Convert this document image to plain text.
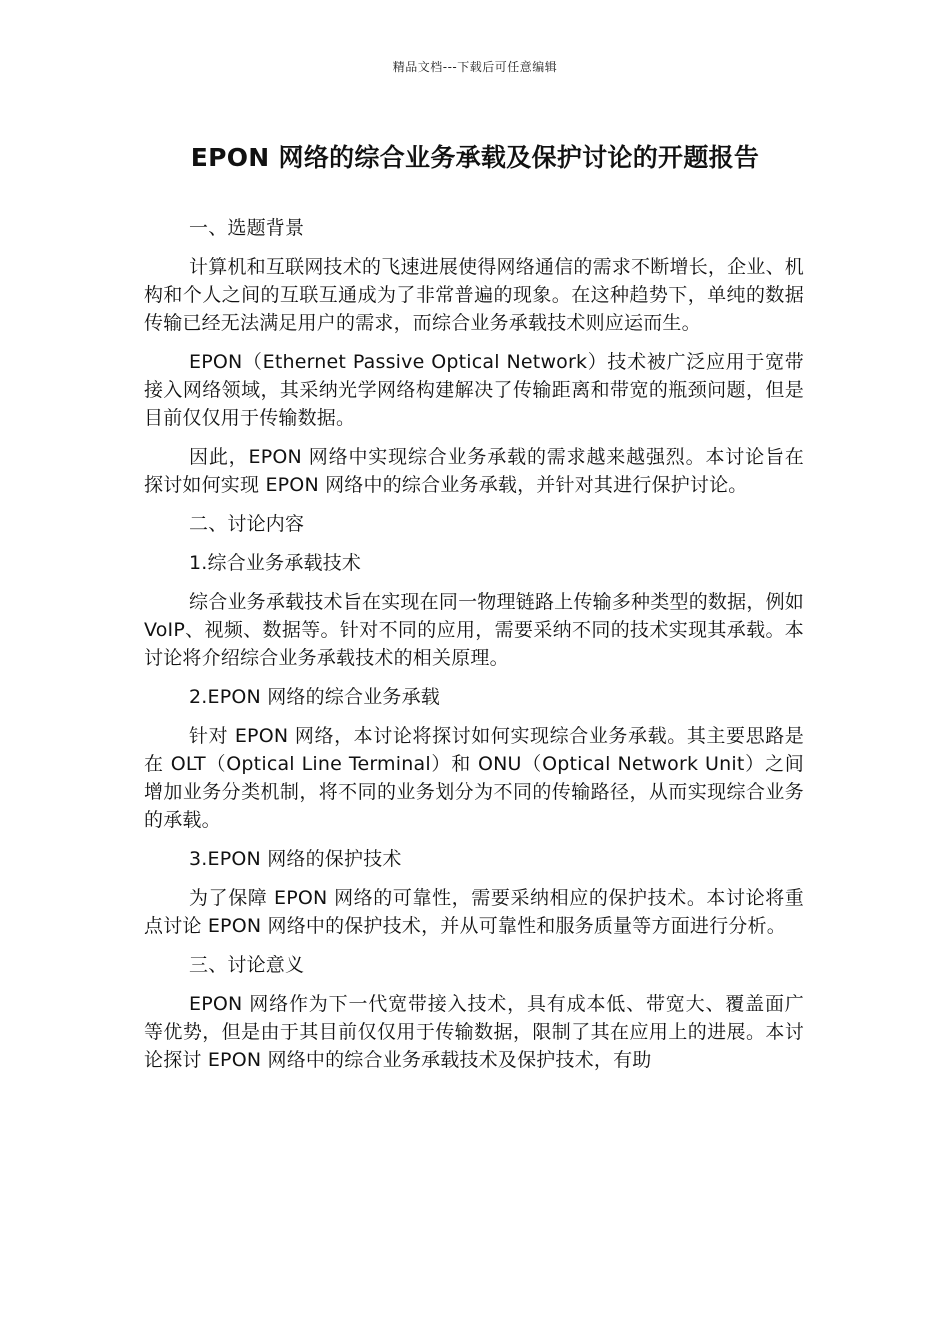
精品文档---下载后可任意编辑
EPON 网络的综合业务承载及保护讨论的开题报告

一、选题背景

计算机和互联网技术的飞速进展使得网络通信的需求不断增长，企业、机构和个人之间的互联互通成为了非常普遍的现象。在这种趋势下，单纯的数据传输已经无法满足用户的需求，而综合业务承载技术则应运而生。

EPON（Ethernet Passive Optical Network）技术被广泛应用于宽带接入网络领域，其采纳光学网络构建解决了传输距离和带宽的瓶颈问题，但是目前仅仅用于传输数据。

因此，EPON 网络中实现综合业务承载的需求越来越强烈。本讨论旨在探讨如何实现 EPON 网络中的综合业务承载，并针对其进行保护讨论。

二、讨论内容

1.综合业务承载技术

综合业务承载技术旨在实现在同一物理链路上传输多种类型的数据，例如 VoIP、视频、数据等。针对不同的应用，需要采纳不同的技术实现其承载。本讨论将介绍综合业务承载技术的相关原理。

2.EPON 网络的综合业务承载

针对 EPON 网络，本讨论将探讨如何实现综合业务承载。其主要思路是在 OLT（Optical Line Terminal）和 ONU（Optical Network Unit）之间增加业务分类机制，将不同的业务划分为不同的传输路径，从而实现综合业务的承载。

3.EPON 网络的保护技术

为了保障 EPON 网络的可靠性，需要采纳相应的保护技术。本讨论将重点讨论 EPON 网络中的保护技术，并从可靠性和服务质量等方面进行分析。

三、讨论意义

EPON 网络作为下一代宽带接入技术，具有成本低、带宽大、覆盖面广等优势，但是由于其目前仅仅用于传输数据，限制了其在应用上的进展。本讨论探讨 EPON 网络中的综合业务承载技术及保护技术，有助
